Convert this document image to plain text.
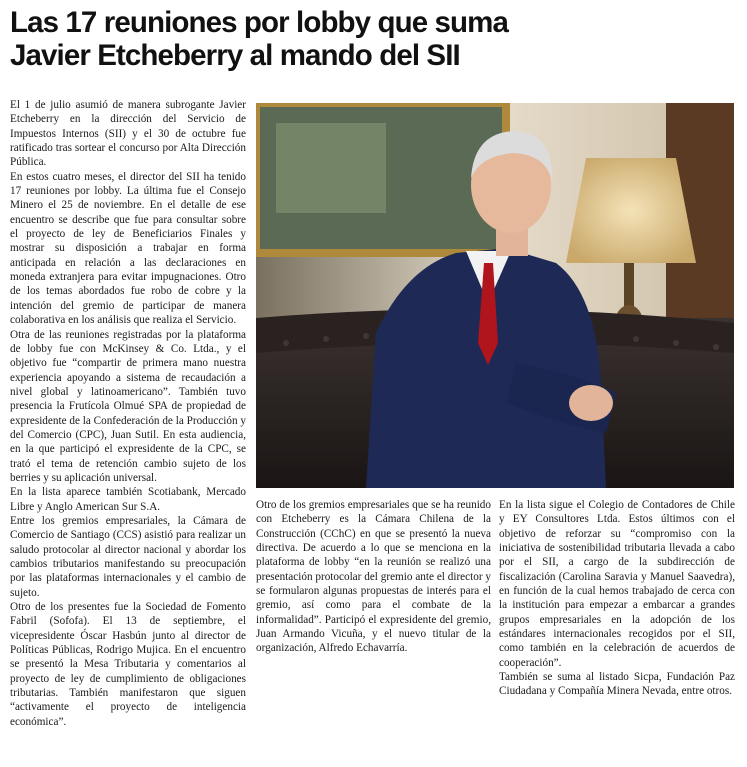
Las 17 reuniones por lobby que suma
Javier Etcheberry al mando del SII

El 1 de julio asumió de manera subrogante Javier Etcheberry en la dirección del Servicio de Impuestos Internos (SII) y el 30 de octubre fue ratificado tras sortear el concurso por Alta Dirección Pública.

En estos cuatro meses, el director del SII ha tenido 17 reuniones por lobby. La última fue el Consejo Minero el 25 de noviembre. En el detalle de ese encuentro se describe que fue para consultar sobre el proyecto de ley de Beneficiarios Finales y mostrar su disposición a trabajar en forma anticipada en relación a las declaraciones en moneda extranjera para evitar impugnaciones. Otro de los temas abordados fue robo de cobre y la intención del gremio de participar de manera colaborativa en los análisis que realiza el Servicio.

Otra de las reuniones registradas por la plataforma de lobby fue con McKinsey & Co. Ltda., y el objetivo fue “compartir de primera mano nuestra experiencia apoyando a sistema de recaudación a nivel global y latinoamericano”. También tuvo presencia la Frutícola Olmué SPA de propiedad de expresidente de la Confederación de la Producción y del Comercio (CPC), Juan Sutil. En esta audiencia, en la que participó el expresidente de la CPC, se trató el tema de retención cambio sujeto de los berries y su aplicación universal.

En la lista aparece también Scotiabank, Mercado Libre y Anglo American Sur S.A.

Entre los gremios empresariales, la Cámara de Comercio de Santiago (CCS) asistió para realizar un saludo protocolar al director nacional y abordar los cambios tributarios manifestando su preocupación por las plataformas internacionales y el cambio de sujeto.

Otro de los presentes fue la Sociedad de Fomento Fabril (Sofofa). El 13 de septiembre, el vicepresidente Óscar Hasbún junto al director de Políticas Públicas, Rodrigo Mujica. En el encuentro se presentó la Mesa Tributaria y comentarios al proyecto de ley de cumplimiento de obligaciones tributarias. También manifestaron que siguen “activamente el proyecto de inteligencia económica”.

Otro de los gremios empresariales que se ha reunido con Etcheberry es la Cámara Chilena de la Construcción (CChC) en que se presentó la nueva directiva. De acuerdo a lo que se menciona en la plataforma de lobby “en la reunión se realizó una presentación protocolar del gremio ante el director y se formularon algunas propuestas de interés para el gremio, así como para el combate de la informalidad”. Participó el expresidente del gremio, Juan Armando Vicuña, y el nuevo titular de la organización, Alfredo Echavarría.

En la lista sigue el Colegio de Contadores de Chile y EY Consultores Ltda. Estos últimos con el objetivo de reforzar su “compromiso con la iniciativa de sostenibilidad tributaria llevada a cabo por el SII, a cargo de la subdirección de fiscalización (Carolina Saravia y Manuel Saavedra), en función de la cual hemos trabajado de cerca con la institución para empezar a embarcar a grandes grupos empresariales en la adopción de los estándares internacionales recogidos por el SII, como también en la celebración de acuerdos de cooperación”.

También se suma al listado Sicpa, Fundación Paz Ciudadana y Compañía Minera Nevada, entre otros.
